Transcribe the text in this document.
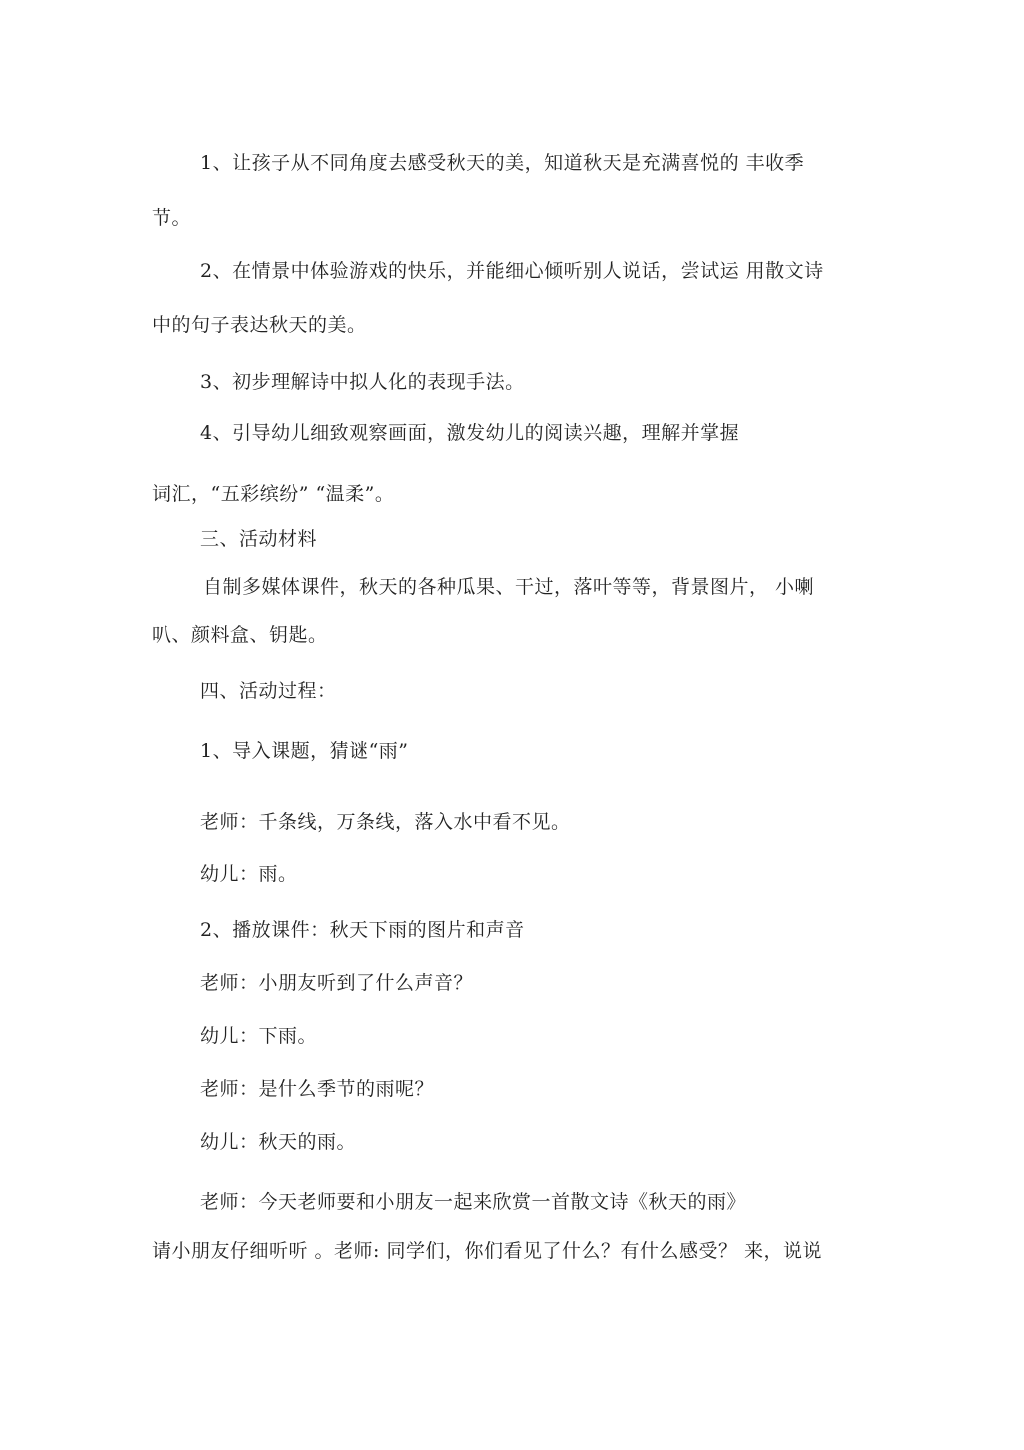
1、让孩子从不同角度去感受秋天的美，知道秋天是充满喜悦的 丰收季
节。
2、在情景中体验游戏的快乐，并能细心倾听别人说话，尝试运 用散文诗
中的句子表达秋天的美。
3、初步理解诗中拟人化的表现手法。
4、引导幼儿细致观察画面，激发幼儿的阅读兴趣，理解并掌握
词汇，“五彩缤纷” “温柔”。
三、活动材料
自制多媒体课件，秋天的各种瓜果、干过，落叶等等，背景图片， 小喇
叭、颜料盒、钥匙。
四、活动过程：
1、导入课题，猜谜“雨”
老师：千条线，万条线，落入水中看不见。
幼儿：雨。
2、播放课件：秋天下雨的图片和声音
老师：小朋友听到了什么声音？
幼儿：下雨。
老师：是什么季节的雨呢？
幼儿：秋天的雨。
老师：今天老师要和小朋友一起来欣赏一首散文诗《秋天的雨》
请小朋友仔细听听 。老师: 同学们，你们看见了什么？有什么感受？ 来，说说
